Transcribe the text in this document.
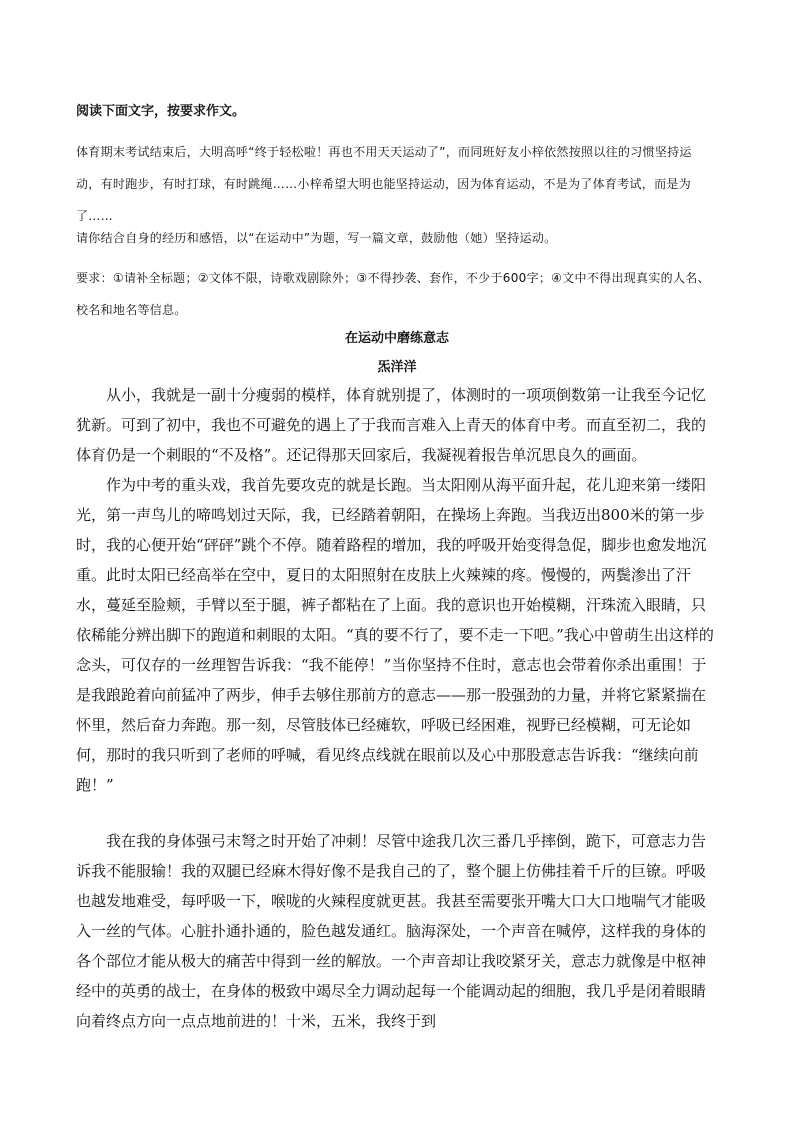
阅读下面文字，按要求作文。
体育期末考试结束后，大明高呼“终于轻松啦！再也不用天天运动了”，而同班好友小梓依然按照以往的习惯坚持运动，有时跑步，有时打球，有时跳绳……小梓希望大明也能坚持运动，因为体育运动，不是为了体育考试，而是为了……
请你结合自身的经历和感悟，以“在运动中”为题，写一篇文章，鼓励他（她）坚持运动。
要求：①请补全标题；②文体不限，诗歌戏剧除外；③不得抄袭、套作，不少于600字；④文中不得出现真实的人名、校名和地名等信息。
在运动中磨练意志
炁洋洋

从小，我就是一副十分瘦弱的模样，体育就别提了，体测时的一项项倒数第一让我至今记忆犹新。可到了初中，我也不可避免的遇上了于我而言难入上青天的体育中考。而直至初二，我的体育仍是一个刺眼的“不及格”。还记得那天回家后，我凝视着报告单沉思良久的画面。

作为中考的重头戏，我首先要攻克的就是长跑。当太阳刚从海平面升起，花儿迎来第一缕阳光，第一声鸟儿的啼鸣划过天际，我，已经踏着朝阳，在操场上奔跑。当我迈出800米的第一步时，我的心便开始“砰砰”跳个不停。随着路程的增加，我的呼吸开始变得急促，脚步也愈发地沉重。此时太阳已经高举在空中，夏日的太阳照射在皮肤上火辣辣的疼。慢慢的，两鬓渗出了汗水，蔓延至脸颊，手臂以至于腿，裤子都粘在了上面。我的意识也开始模糊，汗珠流入眼睛，只依稀能分辨出脚下的跑道和刺眼的太阳。“真的要不行了，要不走一下吧。”我心中曾萌生出这样的念头，可仅存的一丝理智告诉我：“我不能停！”当你坚持不住时，意志也会带着你杀出重围！于是我踉跄着向前猛冲了两步，伸手去够住那前方的意志——那一股强劲的力量，并将它紧紧揣在怀里，然后奋力奔跑。那一刻，尽管肢体已经瘫软，呼吸已经困难，视野已经模糊，可无论如何，那时的我只听到了老师的呼喊，看见终点线就在眼前以及心中那股意志告诉我：“继续向前跑！”

我在我的身体强弓末弩之时开始了冲刺！尽管中途我几次三番几乎摔倒，跪下，可意志力告诉我不能服输！我的双腿已经麻木得好像不是我自己的了，整个腿上仿佛挂着千斤的巨镣。呼吸也越发地难受，每呼吸一下，喉咙的火辣程度就更甚。我甚至需要张开嘴大口大口地喘气才能吸入一丝的气体。心脏扑通扑通的，脸色越发通红。脑海深处，一个声音在喊停，这样我的身体的各个部位才能从极大的痛苦中得到一丝的解放。一个声音却让我咬紧牙关，意志力就像是中枢神经中的英勇的战士，在身体的极致中竭尽全力调动起每一个能调动起的细胞，我几乎是闭着眼睛向着终点方向一点点地前进的！十米，五米，我终于到
